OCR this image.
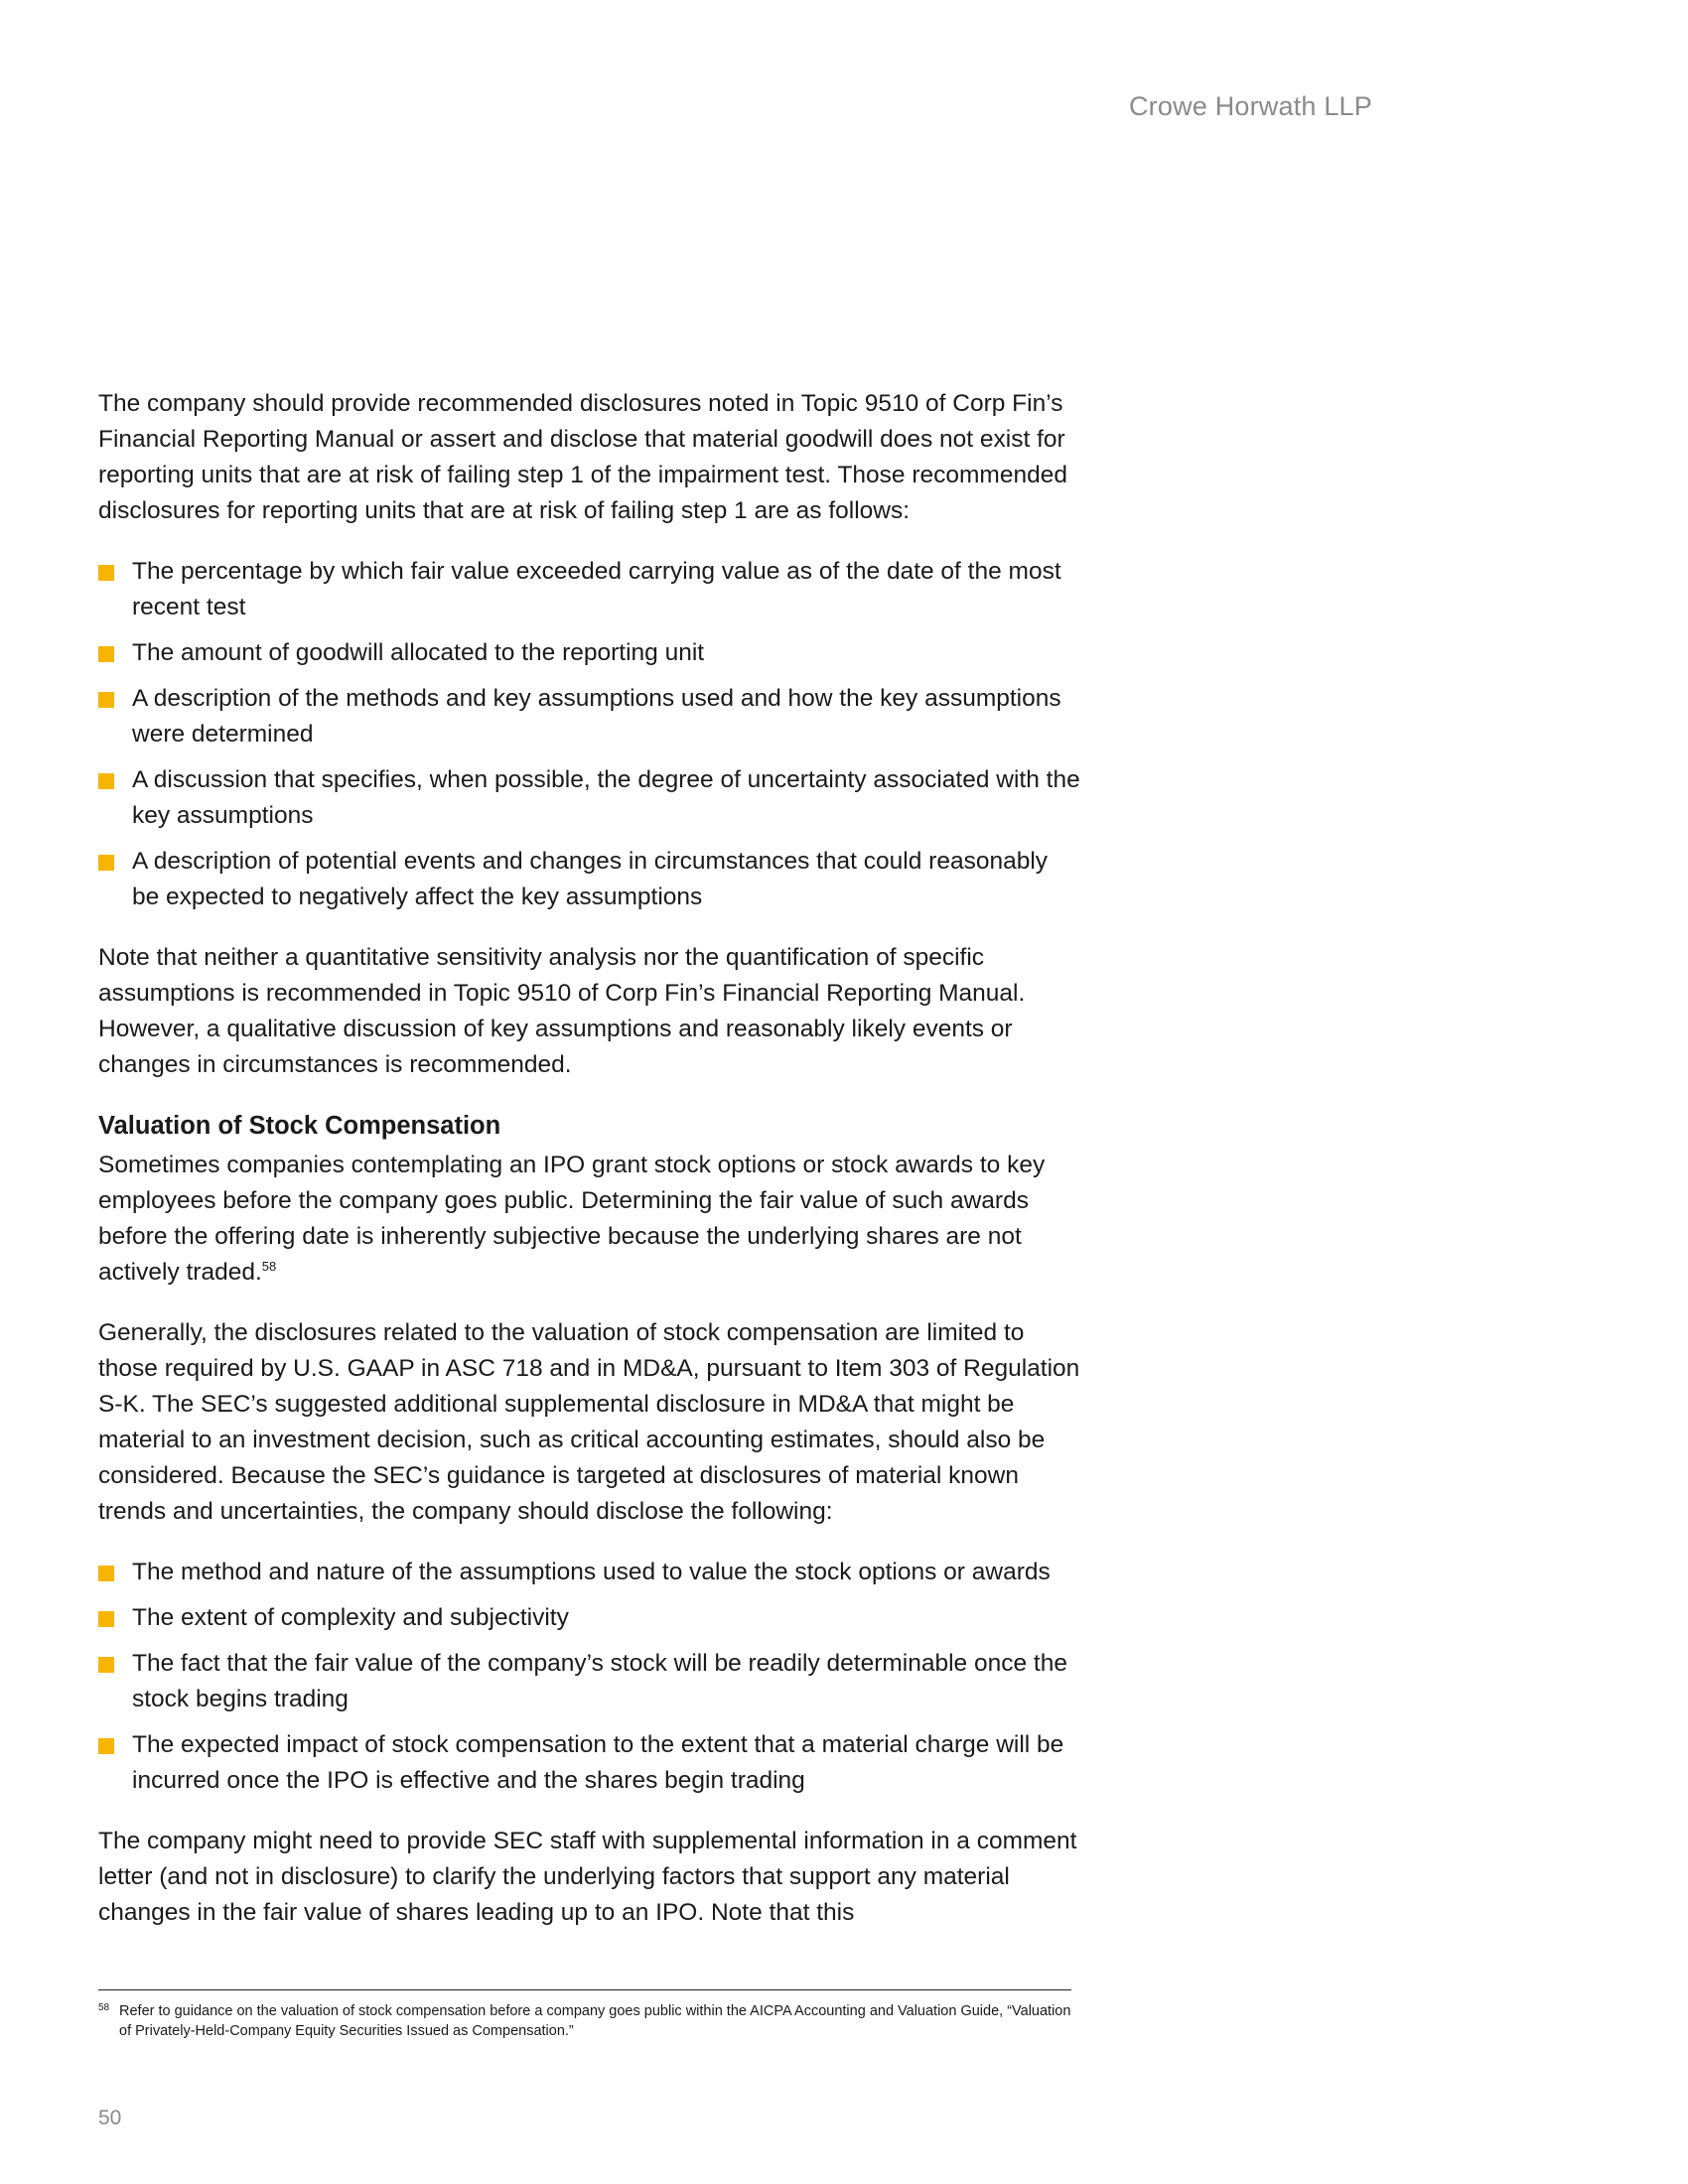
Crowe Horwath LLP

The company should provide recommended disclosures noted in Topic 9510 of Corp Fin’s Financial Reporting Manual or assert and disclose that material goodwill does not exist for reporting units that are at risk of failing step 1 of the impairment test. Those recommended disclosures for reporting units that are at risk of failing step 1 are as follows:

The percentage by which fair value exceeded carrying value as of the date of the most recent test
The amount of goodwill allocated to the reporting unit
A description of the methods and key assumptions used and how the key assumptions were determined
A discussion that specifies, when possible, the degree of uncertainty associated with the key assumptions
A description of potential events and changes in circumstances that could reasonably be expected to negatively affect the key assumptions

Note that neither a quantitative sensitivity analysis nor the quantification of specific assumptions is recommended in Topic 9510 of Corp Fin’s Financial Reporting Manual. However, a qualitative discussion of key assumptions and reasonably likely events or changes in circumstances is recommended.

Valuation of Stock Compensation

Sometimes companies contemplating an IPO grant stock options or stock awards to key employees before the company goes public. Determining the fair value of such awards before the offering date is inherently subjective because the underlying shares are not actively traded.$^{58}$

Generally, the disclosures related to the valuation of stock compensation are limited to those required by U.S. GAAP in ASC 718 and in MD&A, pursuant to Item 303 of Regulation S-K. The SEC’s suggested additional supplemental disclosure in MD&A that might be material to an investment decision, such as critical accounting estimates, should also be considered. Because the SEC’s guidance is targeted at disclosures of material known trends and uncertainties, the company should disclose the following:

The method and nature of the assumptions used to value the stock options or awards
The extent of complexity and subjectivity
The fact that the fair value of the company’s stock will be readily determinable once the stock begins trading
The expected impact of stock compensation to the extent that a material charge will be incurred once the IPO is effective and the shares begin trading

The company might need to provide SEC staff with supplemental information in a comment letter (and not in disclosure) to clarify the underlying factors that support any material changes in the fair value of shares leading up to an IPO. Note that this

58 Refer to guidance on the valuation of stock compensation before a company goes public within the AICPA Accounting and Valuation Guide, “Valuation of Privately-Held-Company Equity Securities Issued as Compensation.”
50
